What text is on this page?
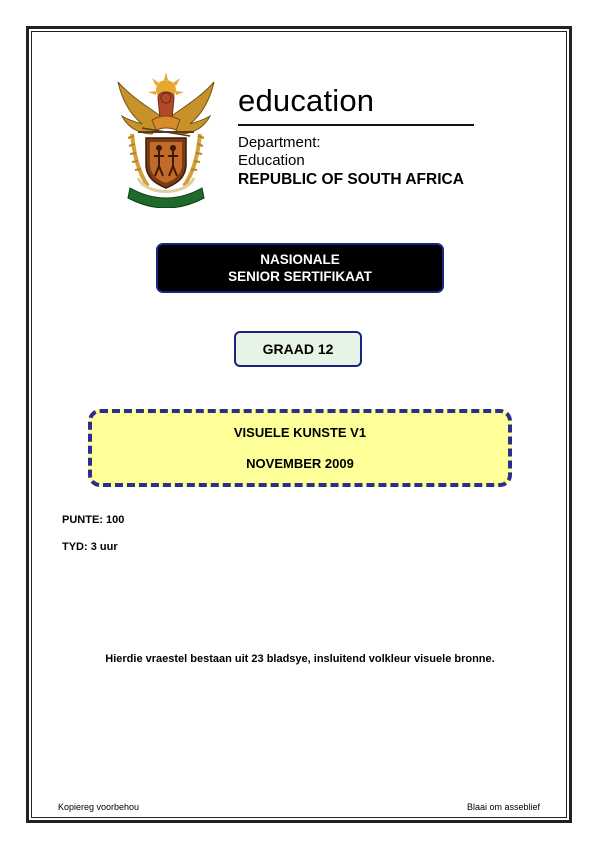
education
Department:
Education
REPUBLIC OF SOUTH AFRICA
NASIONALE
SENIOR SERTIFIKAAT
GRAAD 12
VISUELE KUNSTE V1
NOVEMBER 2009
PUNTE: 100
TYD: 3 uur
Hierdie vraestel bestaan uit 23 bladsye, insluitend volkleur visuele bronne.
Kopiereg voorbehou	Blaai om asseblief
